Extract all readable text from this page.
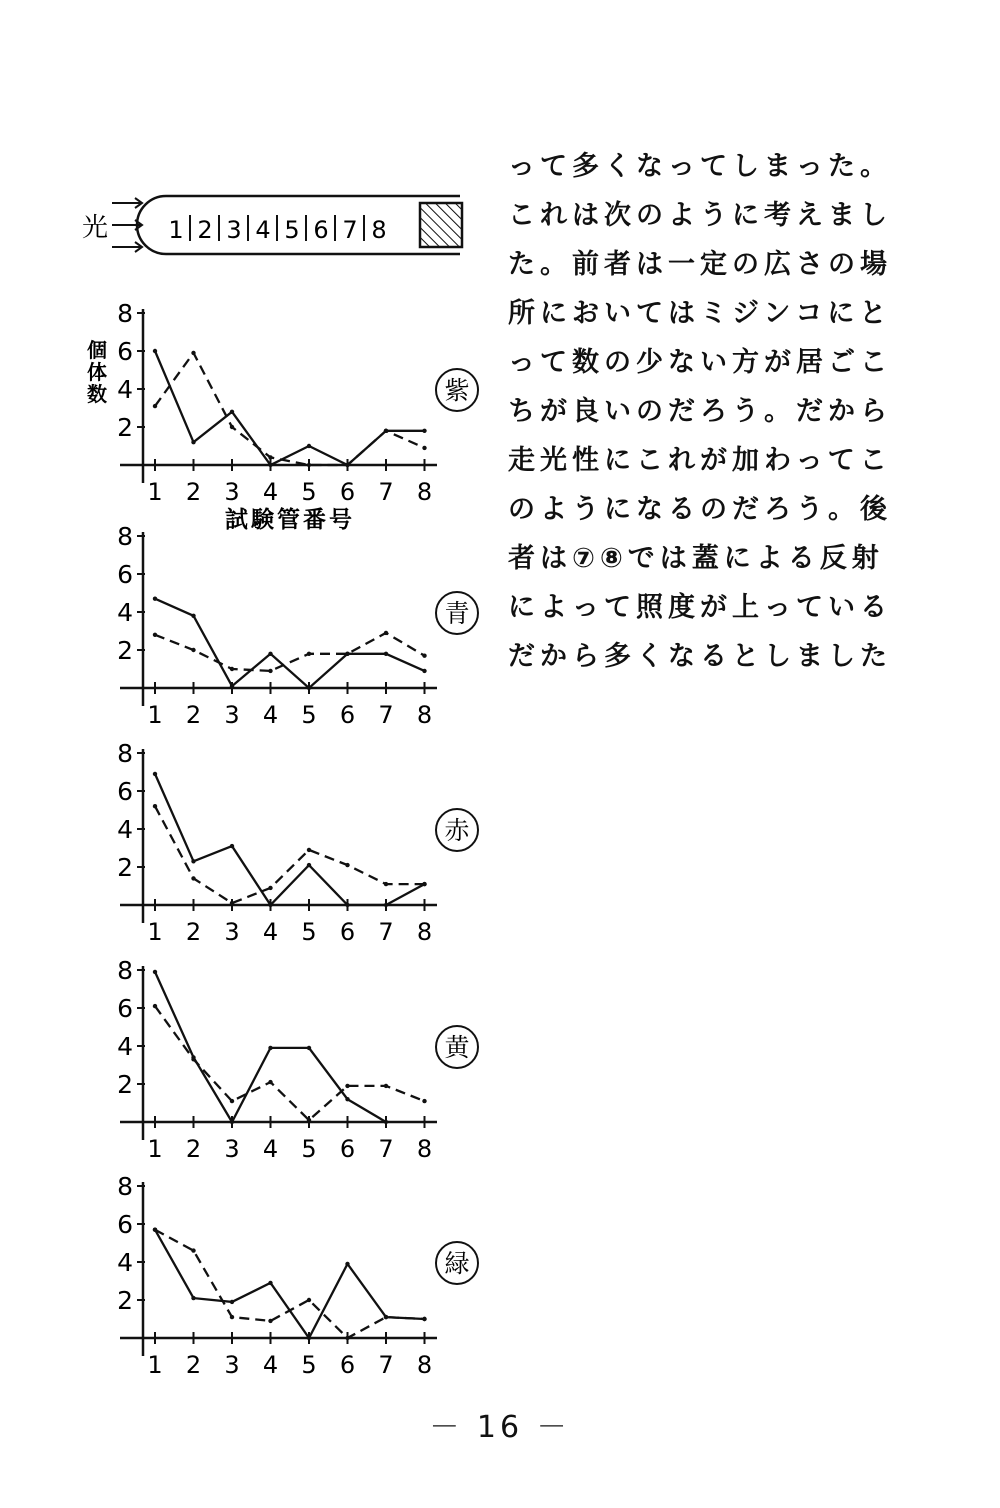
光	1 2 3 4 5 6 7 8
2
4
6
8
1 2 3 4 5 6 7 8
紫
個体数
試験管番号
2
4
6
8
1 2 3 4 5 6 7 8
青
2
4
6
8
1 2 3 4 5 6 7 8
赤
2
4
6
8
1 2 3 4 5 6 7 8
黄
2
4
6
8
1 2 3 4 5 6 7 8
緑
って多くなってしまった。
これは次のように考えまし
た。前者は一定の広さの場
所においてはミジンコにと
って数の少ない方が居ごこ
ちが良いのだろう。だから
走光性にこれが加わってこ
のようになるのだろう。後
者は⑦⑧では蓋による反射
によって照度が上っている
だから多くなるとしました
－ 16 －
